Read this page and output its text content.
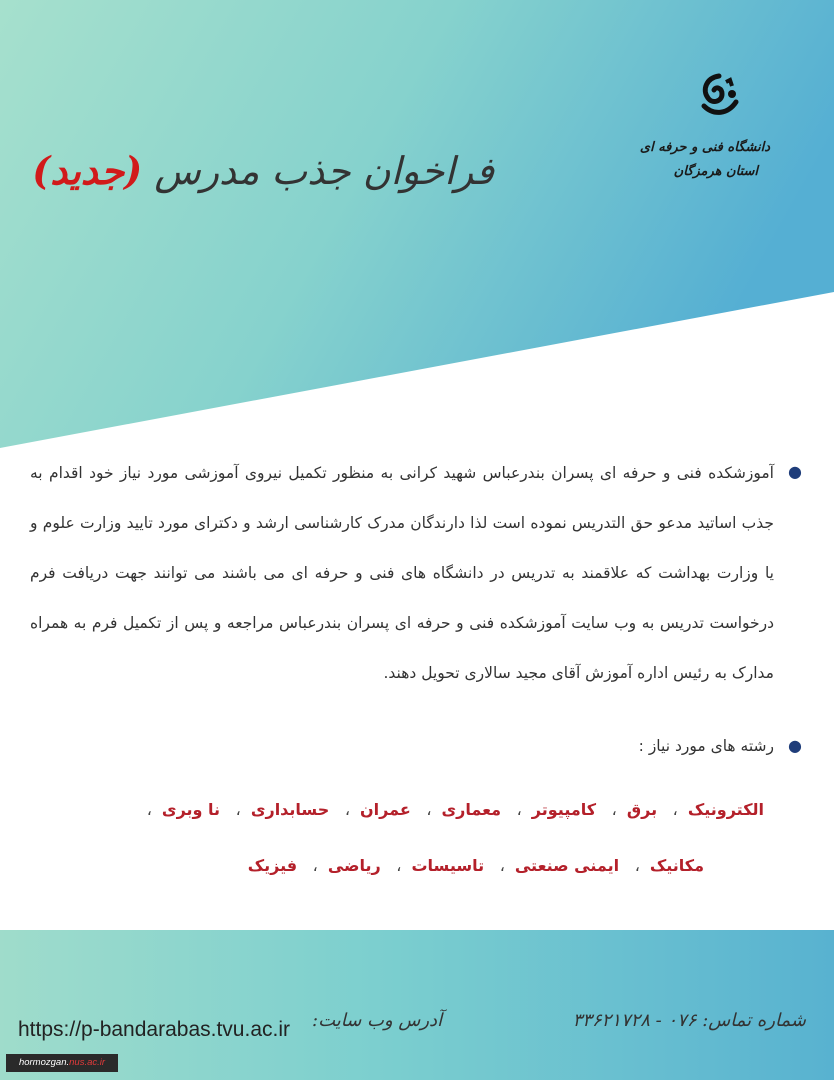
دانشگاه فنی و حرفه ای
استان هرمزگان
فراخوان جذب مدرس (جدید)
●

آموزشکده فنی و حرفه ای پسران بندرعباس شهید کرانی به منظور تکمیل نیروی آموزشی مورد نیاز خود اقدام به جذب اساتید مدعو حق التدریس نموده است لذا دارندگان مدرک کارشناسی ارشد و دکترای مورد تایید وزارت علوم و یا وزارت بهداشت که علاقمند به تدریس در دانشگاه های فنی و حرفه ای می باشند می توانند جهت دریافت فرم درخواست تدریس به وب سایت آموزشکده فنی و حرفه ای پسران بندرعباس مراجعه و پس از تکمیل فرم به همراه مدارک به رئیس اداره آموزش آقای مجید سالاری تحویل دهند.

●
رشته های مورد نیاز :
الکترونیک، برق، کامپیوتر، معماری، عمران، حسابداری، نا وبری،
مکانیک، ایمنی صنعتی، تاسیسات، ریاضی، فیزیک
شماره تماس: ۰۷۶ - ۳۳۶۲۱۷۲۸
آدرس وب سایت:
https://p-bandarabas.tvu.ac.ir
hormozgan.nus.ac.ir
